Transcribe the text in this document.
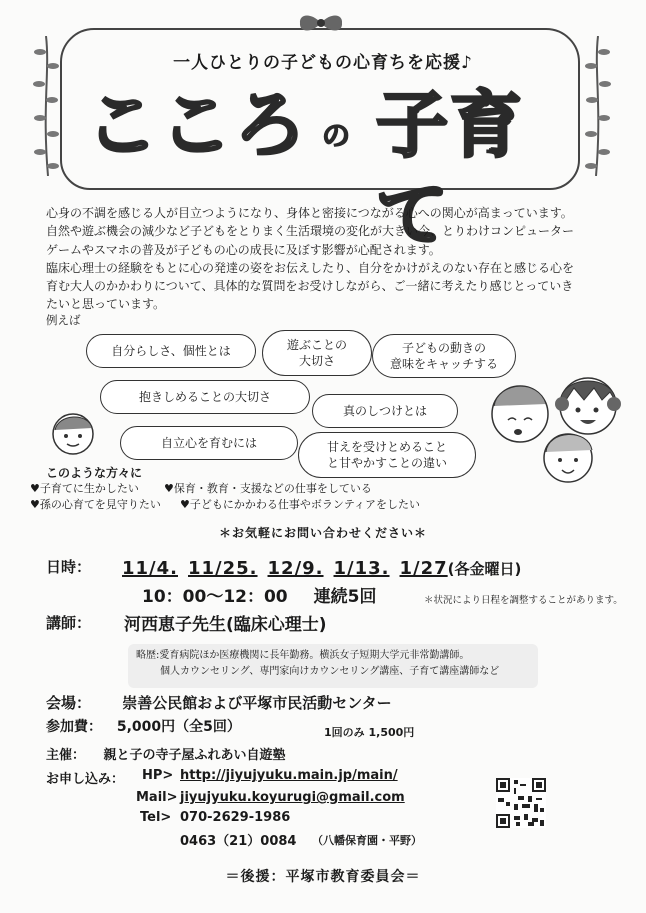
一人ひとりの子どもの心育ちを応援♪
こころ の 子育て
心身の不調を感じる人が目立つようになり、身体と密接につながる心への関心が高まっています。
自然や遊ぶ機会の減少など子どもをとりまく生活環境の変化が大きい今、とりわけコンピューター
ゲームやスマホの普及が子どもの心の成長に及ぼす影響が心配されます。
臨床心理士の経験をもとに心の発達の姿をお伝えしたり、自分をかけがえのない存在と感じる心を
育む大人のかかわりについて、具体的な質問をお受けしながら、ご一緒に考えたり感じとっていき
たいと思っています。
例えば
自分らしさ、個性とは	遊ぶことの
大切さ
子どもの動きの
意味をキャッチする
抱きしめることの大切さ
真のしつけとは
自立心を育むには	甘えを受けとめること
と甘やかすことの違い
このような方々に
♥子育てに生かしたい ♥保育・教育・支援などの仕事をしている
♥孫の心育てを見守りたい ♥子どもにかかわる仕事やボランティアをしたい
＊お気軽にお問い合わせください＊
日時： 11/4. 11/25. 12/9. 1/13. 1/27(各金曜日)
10：00～12：00 連続5回	＊状況により日程を調整することがあります。
講師： 河西恵子先生(臨床心理士)
略歴:愛育病院ほか医療機関に長年勤務。横浜女子短期大学元非常勤講師。
個人カウンセリング、専門家向けカウンセリング講座、子育て講座講師など
会場： 崇善公民館および平塚市民活動センター
参加費： 5,000円（全5回）	1回のみ 1,500円
主催： 親と子の寺子屋ふれあい自遊塾
お申し込み： HP> http://jiyujyuku.main.jp/main/
Mail> jiyujyuku.koyurugi@gmail.com
Tel> 070-2629-1986
0463（21）0084 （八幡保育園・平野）
＝後援：平塚市教育委員会＝
